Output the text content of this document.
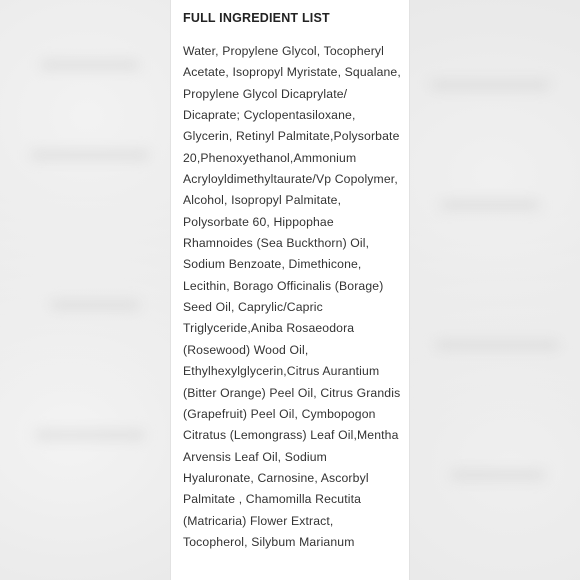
FULL INGREDIENT LIST
Water, Propylene Glycol, Tocopheryl Acetate, Isopropyl Myristate, Squalane, Propylene Glycol Dicaprylate/ Dicaprate; Cyclopentasiloxane, Glycerin, Retinyl Palmitate,Polysorbate 20,Phenoxyethanol,Ammonium Acryloyldimethyltaurate/Vp Copolymer, Alcohol, Isopropyl Palmitate, Polysorbate 60, Hippophae Rhamnoides (Sea Buckthorn) Oil, Sodium Benzoate, Dimethicone, Lecithin, Borago Officinalis (Borage) Seed Oil, Caprylic/Capric Triglyceride,Aniba Rosaeodora (Rosewood) Wood Oil, Ethylhexylglycerin,Citrus Aurantium (Bitter Orange) Peel Oil, Citrus Grandis (Grapefruit) Peel Oil, Cymbopogon Citratus (Lemongrass) Leaf Oil,Mentha Arvensis Leaf Oil, Sodium Hyaluronate, Carnosine, Ascorbyl Palmitate , Chamomilla Recutita (Matricaria) Flower Extract, Tocopherol, Silybum Marianum
